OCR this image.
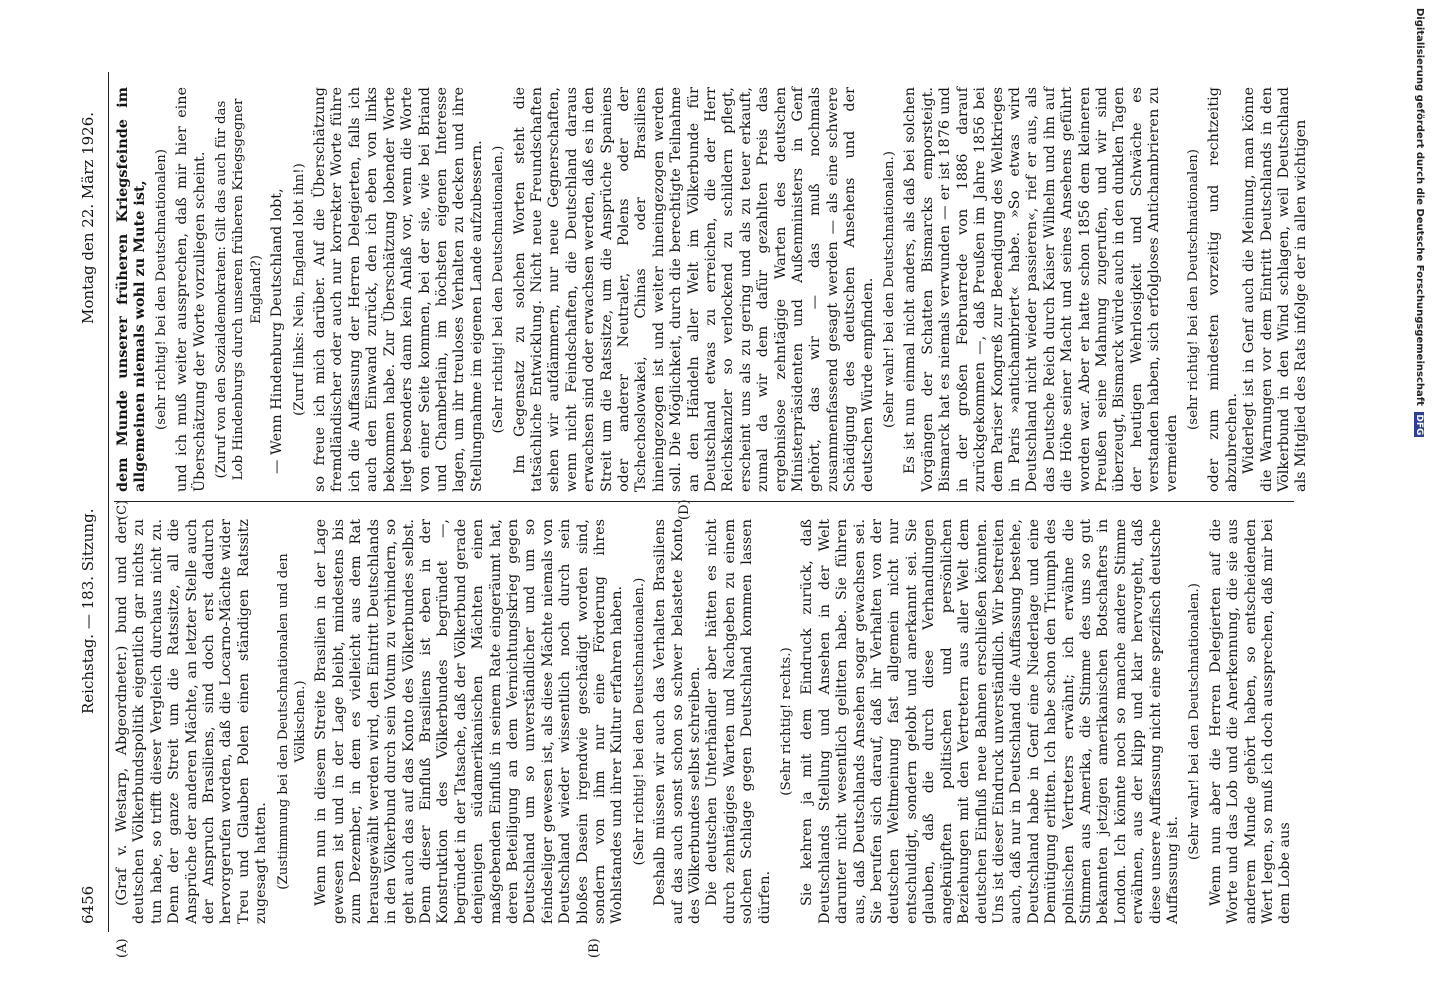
6456
Reichstag. — 183. Sitzung.
Montag den 22. März 1926.
(A)	(B)
(C)	(D)

(Graf v. Westarp, Abgeordneter.) bund und der deutschen Völkerbundspolitik eigentlich gar nichts zu tun habe, so trifft dieser Vergleich durchaus nicht zu. Denn der ganze Streit um die Ratssitze, all die Ansprüche der anderen Mächte, an letzter Stelle auch der Anspruch Brasiliens, sind doch erst dadurch hervorgerufen worden, daß die Locarno-Mächte wider Treu und Glauben Polen einen ständigen Ratssitz zugesagt hatten. (Zustimmung bei den Deutschnationalen und den Völkischen.) Wenn nun in diesem Streite Brasilien in der Lage gewesen ist und in der Lage bleibt, mindestens bis zum Dezember, in dem es vielleicht aus dem Rat herausgewählt werden wird, den Eintritt Deutschlands in den Völkerbund durch sein Votum zu verhindern, so geht auch das auf das Konto des Völkerbundes selbst. Denn dieser Einfluß Brasiliens ist eben in der Konstruktion des Völkerbundes begründet —, begründet in der Tatsache, daß der Völkerbund gerade denjenigen südamerikanischen Mächten einen maßgebenden Einfluß in seinem Rate eingeräumt hat, deren Beteiligung an dem Vernichtungskrieg gegen Deutschland um so unverständlicher und um so feindseliger gewesen ist, als diese Mächte niemals von Deutschland wieder wissentlich noch durch sein bloßes Dasein irgendwie geschädigt worden sind, sondern von ihm nur eine Förderung ihres Wohlstandes und ihrer Kultur erfahren haben. (Sehr richtig! bei den Deutschnationalen.) Deshalb müssen wir auch das Verhalten Brasiliens auf das auch sonst schon so schwer belastete Konto des Völkerbundes selbst schreiben. Die deutschen Unterhändler aber hätten es nicht durch zehntägiges Warten und Nachgeben zu einem solchen Schlage gegen Deutschland kommen lassen dürfen.

(Sehr richtig! rechts.) Sie kehren ja mit dem Eindruck zurück, daß Deutschlands Stellung und Ansehen in der Welt darunter nicht wesentlich gelitten habe. Sie führen aus, daß Deutschlands Ansehen sogar gewachsen sei. Sie berufen sich darauf, daß ihr Verhalten von der deutschen Weltmeinung fast allgemein nicht nur entschuldigt, sondern gelobt und anerkannt sei. Sie glauben, daß die durch diese Verhandlungen angeknüpften politischen und persönlichen Beziehungen mit den Vertretern aus aller Welt dem deutschen Einfluß neue Bahnen erschließen könnten. Uns ist dieser Eindruck unverständlich. Wir bestreiten auch, daß nur in Deutschland die Auffassung bestehe, Deutschland habe in Genf eine Niederlage und eine Demütigung erlitten. Ich habe schon den Triumph des polnischen Vertreters erwähnt; ich erwähne die Stimmen aus Amerika, die Stimme des uns so gut bekannten jetzigen amerikanischen Botschafters in London. Ich könnte noch so manche andere Stimme erwähnen, aus der klipp und klar hervorgeht, daß diese unsere Auffassung nicht eine spezifisch deutsche Auffassung ist.

(Sehr wahr! bei den Deutschnationalen.) Wenn nun aber die Herren Delegierten auf die Worte und das Lob und die Anerkennung, die sie aus anderem Munde gehört haben, so entscheidenden Wert legen, so muß ich doch aussprechen, daß mir bei dem Lobe aus

dem Munde unserer früheren Kriegsfeinde im allgemeinen niemals wohl zu Mute ist, (sehr richtig! bei den Deutschnationalen) und ich muß weiter aussprechen, daß mir hier eine Überschätzung der Worte vorzuliegen scheint. (Zuruf von den Sozialdemokraten: Gilt das auch für das Lob Hindenburgs durch unseren früheren Kriegsgegner England?) — Wenn Hindenburg Deutschland lobt, (Zuruf links: Nein, England lobt ihn!) so freue ich mich darüber. Auf die Überschätzung fremdländischer oder auch nur korrekter Worte führe ich die Auffassung der Herren Delegierten, falls ich auch den Einwand zurück, den ich eben von links bekommen habe. Zur Überschätzung lobender Worte liegt besonders dann kein Anlaß vor, wenn die Worte von einer Seite kommen, bei der sie, wie bei Briand und Chamberlain, im höchsten eigenen Interesse lagen, um ihr treuloses Verhalten zu decken und ihre Stellungnahme im eigenen Lande aufzubessern. (Sehr richtig! bei den Deutschnationalen.) Im Gegensatz zu solchen Worten steht die tatsächliche Entwicklung. Nicht neue Freundschaften sehen wir aufdämmern, nur neue Gegnerschaften, wenn nicht Feindschaften, die Deutschland daraus erwachsen sind oder erwachsen werden, daß es in den Streit um die Ratssitze, um die Ansprüche Spaniens oder anderer Neutraler, Polens oder der Tschechoslowakei, Chinas oder Brasiliens hineingezogen ist und weiter hineingezogen werden soll. Die Möglichkeit, durch die berechtigte Teilnahme an den Händeln aller Welt im Völkerbunde für Deutschland etwas zu erreichen, die der Herr Reichskanzler so verlockend zu schildern pflegt, erscheint uns als zu gering und als zu teuer erkauft, zumal da wir dem dafür gezahlten Preis das ergebnislose zehntägige Warten des deutschen Ministerpräsidenten und Außenministers in Genf gehört, das wir — das muß nochmals zusammenfassend gesagt werden — als eine schwere Schädigung des deutschen Ansehens und der deutschen Würde empfinden. (Sehr wahr! bei den Deutschnationalen.) Es ist nun einmal nicht anders, als daß bei solchen Vorgängen der Schatten Bismarcks emporsteigt. Bismarck hat es niemals verwunden — er ist 1876 und in der großen Februarrede von 1886 darauf zurückgekommen —, daß Preußen im Jahre 1856 bei dem Pariser Kongreß zur Beendigung des Weltkrieges in Paris »antichambriert« habe. »So etwas wird Deutschland nicht wieder passieren«, rief er aus, als das Deutsche Reich durch Kaiser Wilhelm und ihn auf die Höhe seiner Macht und seines Ansehens geführt worden war. Aber er hatte schon 1856 dem kleineren Preußen seine Mahnung zugerufen, und wir sind überzeugt, Bismarck würde auch in den dunklen Tagen der heutigen Wehrlosigkeit und Schwäche es verstanden haben, sich erfolgloses Antichambrieren zu vermeiden

(sehr richtig! bei den Deutschnationalen) oder zum mindesten vorzeitig und rechtzeitig abzubrechen. Widerlegt ist in Genf auch die Meinung, man könne die Warnungen vor dem Eintritt Deutschlands in den Völkerbund in den Wind schlagen, weil Deutschland als Mitglied des Rats infolge der in allen wichtigen	Digitalisierung gefördert durch die Deutsche Forschungsgemeinschaft DFG
